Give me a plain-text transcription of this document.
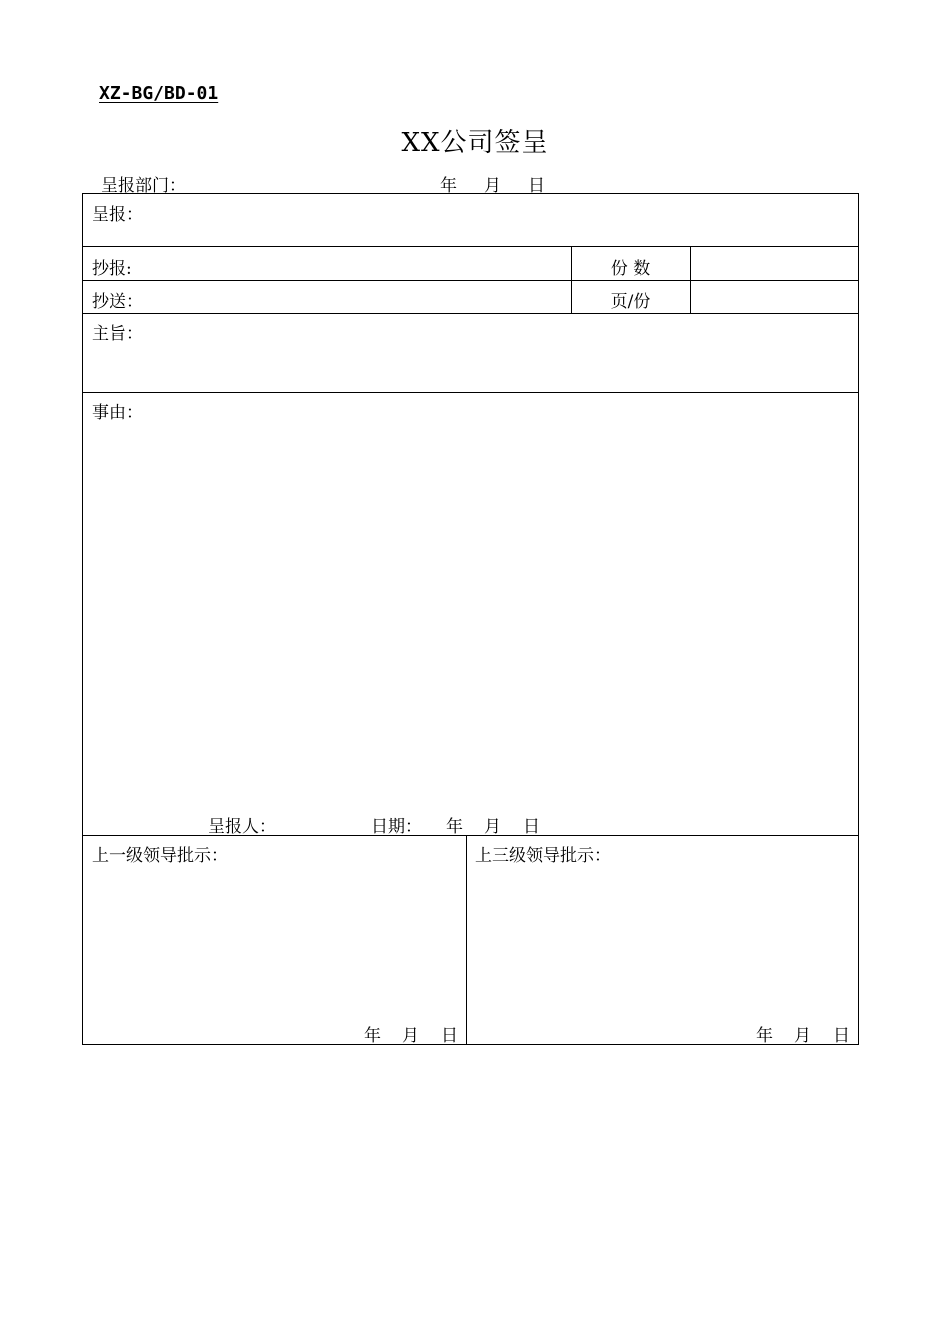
XZ-BG/BD-01
XX公司签呈
呈报部门：	年 月 日
呈报：
抄报:	份 数
抄送：	页/份
主旨：
事由：
呈报人：	日期： 年 月 日
上一级领导批示：
年 月 日
上三级领导批示：
年 月 日
